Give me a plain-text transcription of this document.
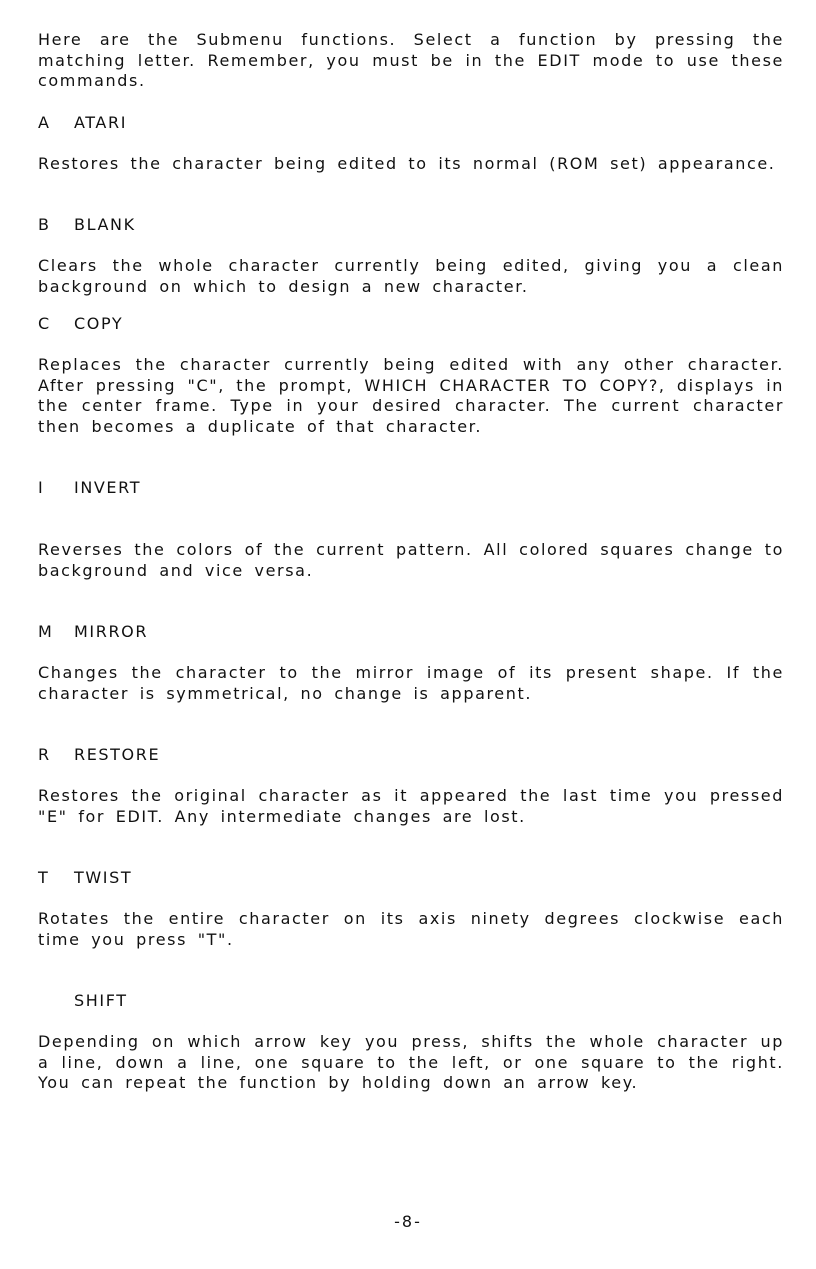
Here are the Submenu functions. Select a function by pressing the matching letter. Remember, you must be in the EDIT mode to use these commands.

A	ATARI

Restores the character being edited to its normal (ROM set) appearance.

B	BLANK

Clears the whole character currently being edited, giving you a clean background on which to design a new character.

C	COPY

Replaces the character currently being edited with any other character. After pressing "C", the prompt, WHICH CHARACTER TO COPY?, displays in the center frame. Type in your desired character. The current character then becomes a duplicate of that character.

I	INVERT

Reverses the colors of the current pattern. All colored squares change to background and vice versa.

M	MIRROR

Changes the character to the mirror image of its present shape. If the character is symmetrical, no change is apparent.

R	RESTORE

Restores the original character as it appeared the last time you pressed "E" for EDIT. Any intermediate changes are lost.

T	TWIST

Rotates the entire character on its axis ninety degrees clockwise each time you press "T".

SHIFT

Depending on which arrow key you press, shifts the whole character up a line, down a line, one square to the left, or one square to the right. You can repeat the function by holding down an arrow key.

-8-
